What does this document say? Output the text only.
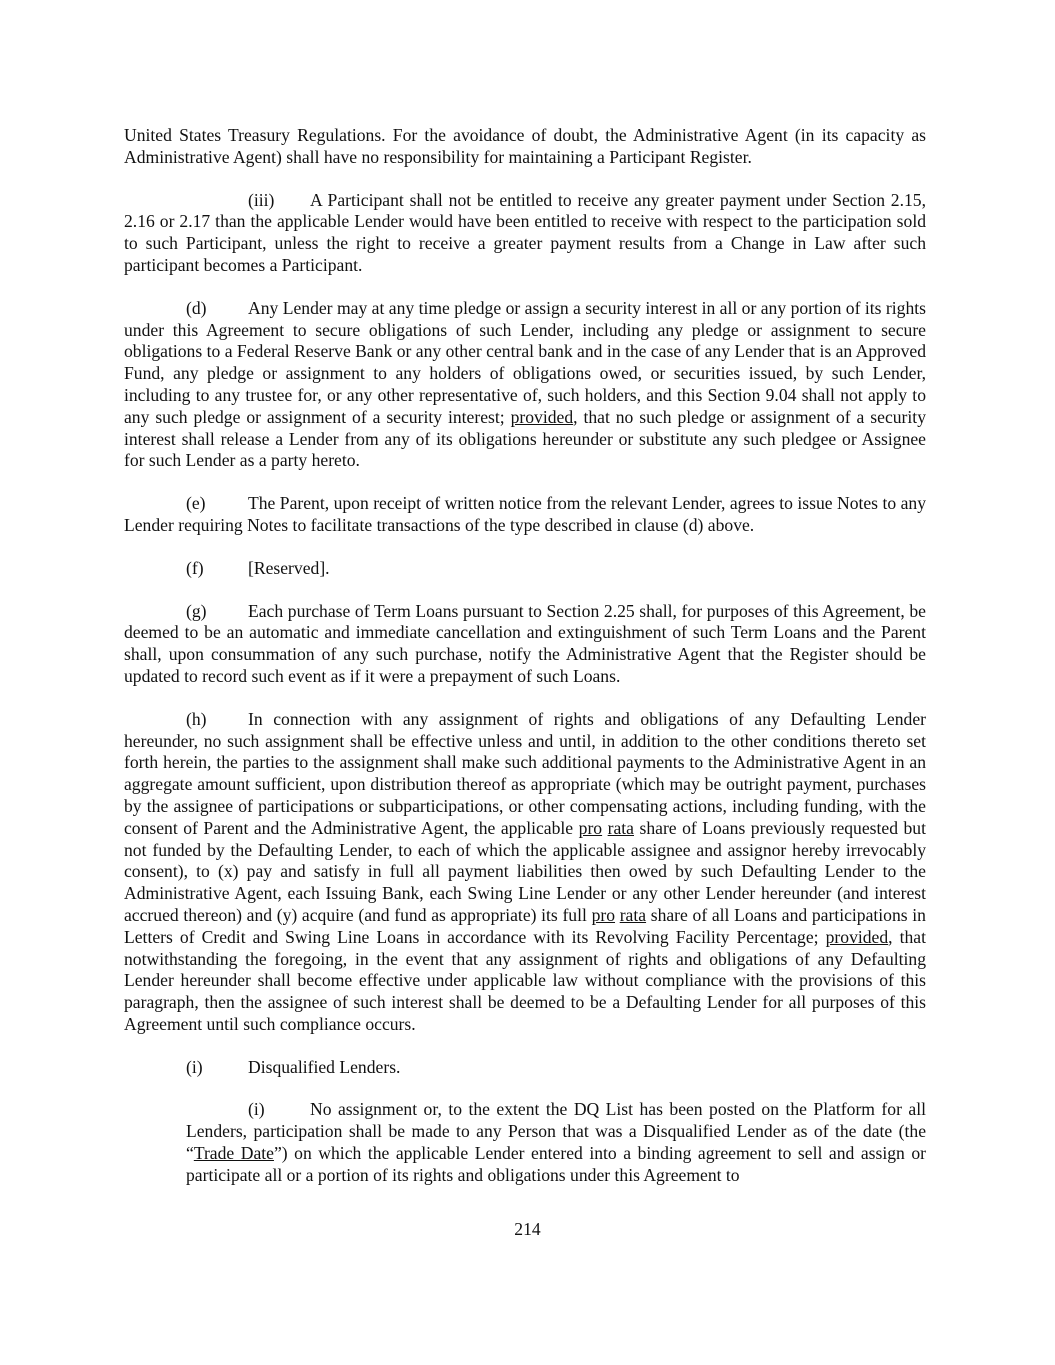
United States Treasury Regulations. For the avoidance of doubt, the Administrative Agent (in its capacity as Administrative Agent) shall have no responsibility for maintaining a Participant Register.

(iii) A Participant shall not be entitled to receive any greater payment under Section 2.15, 2.16 or 2.17 than the applicable Lender would have been entitled to receive with respect to the participation sold to such Participant, unless the right to receive a greater payment results from a Change in Law after such participant becomes a Participant.

(d) Any Lender may at any time pledge or assign a security interest in all or any portion of its rights under this Agreement to secure obligations of such Lender, including any pledge or assignment to secure obligations to a Federal Reserve Bank or any other central bank and in the case of any Lender that is an Approved Fund, any pledge or assignment to any holders of obligations owed, or securities issued, by such Lender, including to any trustee for, or any other representative of, such holders, and this Section 9.04 shall not apply to any such pledge or assignment of a security interest; provided, that no such pledge or assignment of a security interest shall release a Lender from any of its obligations hereunder or substitute any such pledgee or Assignee for such Lender as a party hereto.

(e) The Parent, upon receipt of written notice from the relevant Lender, agrees to issue Notes to any Lender requiring Notes to facilitate transactions of the type described in clause (d) above.

(f)	[Reserved].

(g) Each purchase of Term Loans pursuant to Section 2.25 shall, for purposes of this Agreement, be deemed to be an automatic and immediate cancellation and extinguishment of such Term Loans and the Parent shall, upon consummation of any such purchase, notify the Administrative Agent that the Register should be updated to record such event as if it were a prepayment of such Loans.

(h) In connection with any assignment of rights and obligations of any Defaulting Lender hereunder, no such assignment shall be effective unless and until, in addition to the other conditions thereto set forth herein, the parties to the assignment shall make such additional payments to the Administrative Agent in an aggregate amount sufficient, upon distribution thereof as appropriate (which may be outright payment, purchases by the assignee of participations or subparticipations, or other compensating actions, including funding, with the consent of Parent and the Administrative Agent, the applicable pro rata share of Loans previously requested but not funded by the Defaulting Lender, to each of which the applicable assignee and assignor hereby irrevocably consent), to (x) pay and satisfy in full all payment liabilities then owed by such Defaulting Lender to the Administrative Agent, each Issuing Bank, each Swing Line Lender or any other Lender hereunder (and interest accrued thereon) and (y) acquire (and fund as appropriate) its full pro rata share of all Loans and participations in Letters of Credit and Swing Line Loans in accordance with its Revolving Facility Percentage; provided, that notwithstanding the foregoing, in the event that any assignment of rights and obligations of any Defaulting Lender hereunder shall become effective under applicable law without compliance with the provisions of this paragraph, then the assignee of such interest shall be deemed to be a Defaulting Lender for all purposes of this Agreement until such compliance occurs.

(i)	Disqualified Lenders.

(i)	No assignment or, to the extent the DQ List has been posted on the Platform for all Lenders, participation shall be made to any Person that was a Disqualified Lender as of the date (the “Trade Date”) on which the applicable Lender entered into a binding agreement to sell and assign or participate all or a portion of its rights and obligations under this Agreement to

214
